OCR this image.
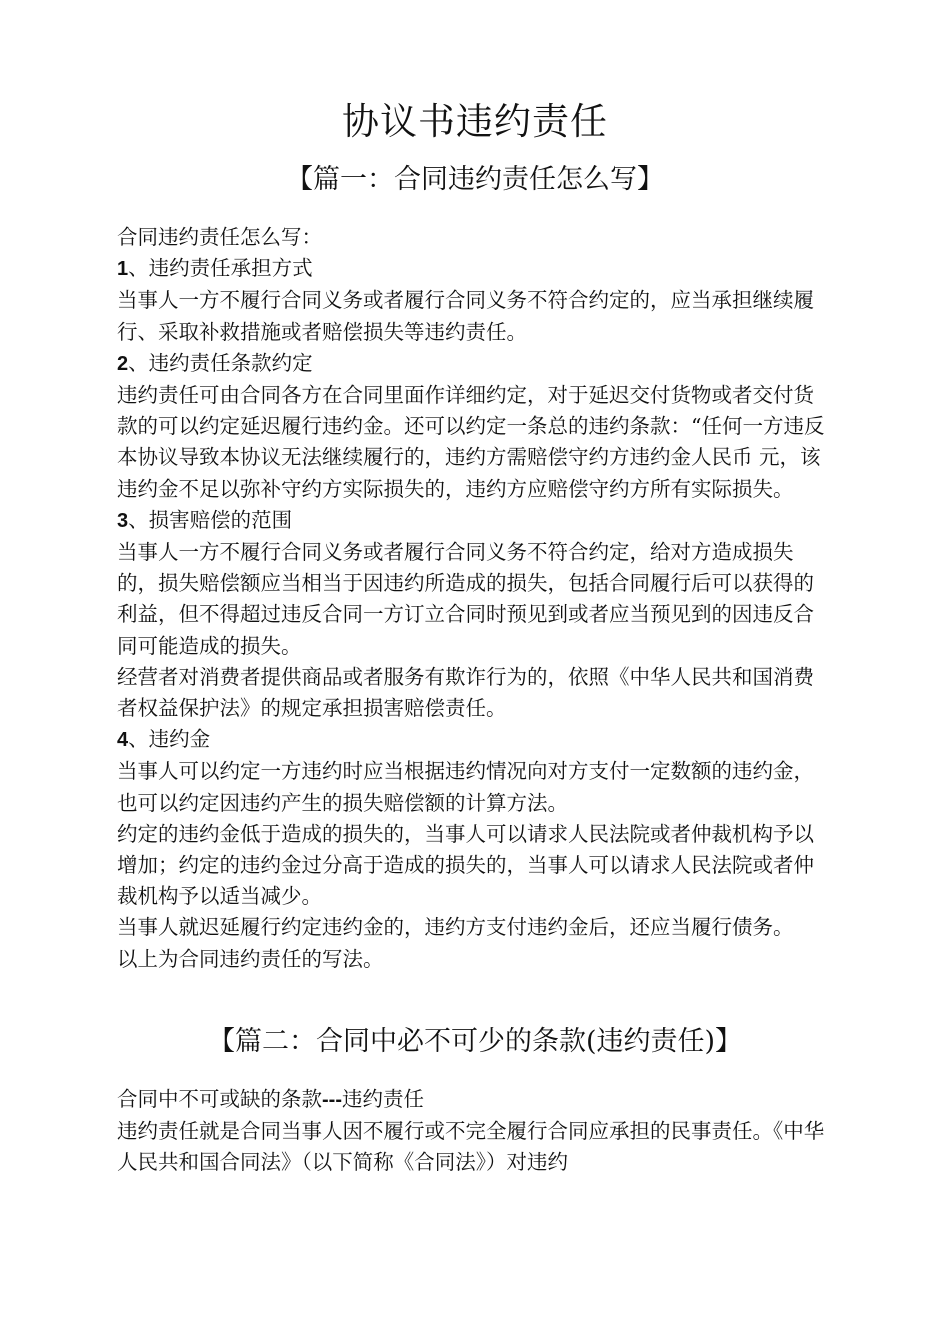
协议书违约责任
【篇一：合同违约责任怎么写】

合同违约责任怎么写：

1、违约责任承担方式

当事人一方不履行合同义务或者履行合同义务不符合约定的，应当承担继续履行、采取补救措施或者赔偿损失等违约责任。

2、违约责任条款约定

违约责任可由合同各方在合同里面作详细约定，对于延迟交付货物或者交付货款的可以约定延迟履行违约金。还可以约定一条总的违约条款：“任何一方违反本协议导致本协议无法继续履行的，违约方需赔偿守约方违约金人民币 元，该违约金不足以弥补守约方实际损失的，违约方应赔偿守约方所有实际损失。

3、损害赔偿的范围

当事人一方不履行合同义务或者履行合同义务不符合约定，给对方造成损失的，损失赔偿额应当相当于因违约所造成的损失，包括合同履行后可以获得的利益，但不得超过违反合同一方订立合同时预见到或者应当预见到的因违反合同可能造成的损失。

经营者对消费者提供商品或者服务有欺诈行为的，依照《中华人民共和国消费者权益保护法》的规定承担损害赔偿责任。

4、违约金

当事人可以约定一方违约时应当根据违约情况向对方支付一定数额的违约金，也可以约定因违约产生的损失赔偿额的计算方法。

约定的违约金低于造成的损失的，当事人可以请求人民法院或者仲裁机构予以增加；约定的违约金过分高于造成的损失的，当事人可以请求人民法院或者仲裁机构予以适当减少。

当事人就迟延履行约定违约金的，违约方支付违约金后，还应当履行债务。

以上为合同违约责任的写法。

【篇二：合同中必不可少的条款(违约责任)】

合同中不可或缺的条款---违约责任

违约责任就是合同当事人因不履行或不完全履行合同应承担的民事责任。《中华人民共和国合同法》（以下简称《合同法》）对违约
